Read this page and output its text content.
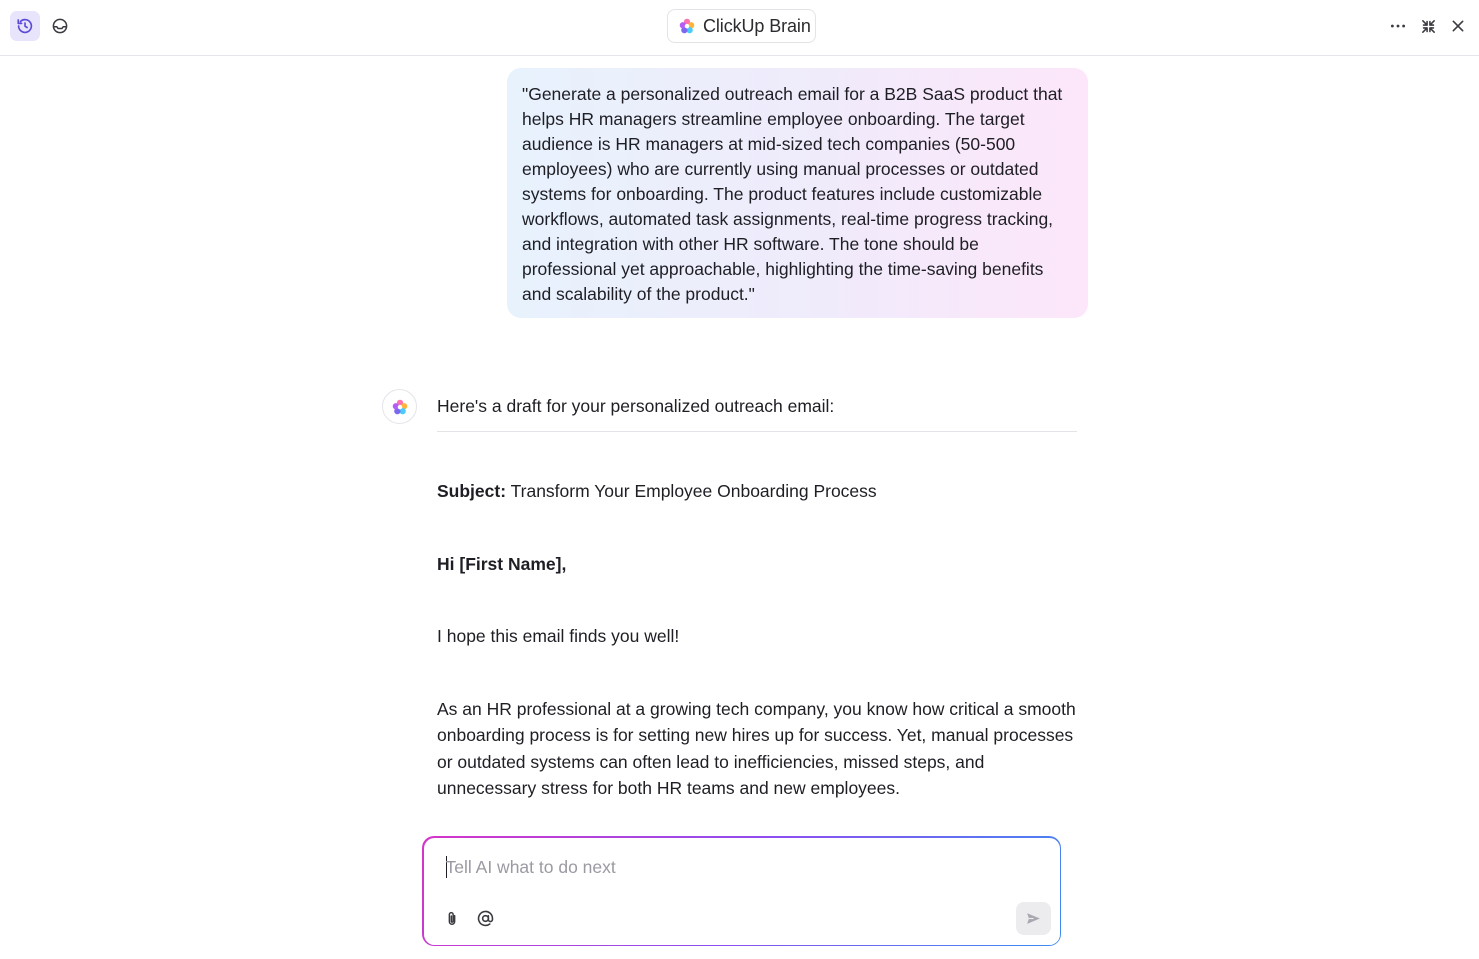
ClickUp Brain
"Generate a personalized outreach email for a B2B SaaS product that helps HR managers streamline employee onboarding. The target audience is HR managers at mid-sized tech companies (50-500 employees) who are currently using manual processes or outdated systems for onboarding. The product features include customizable workflows, automated task assignments, real-time progress tracking, and integration with other HR software. The tone should be professional yet approachable, highlighting the time-saving benefits and scalability of the product."
Here's a draft for your personalized outreach email:
Subject: Transform Your Employee Onboarding Process
Hi [First Name],
I hope this email finds you well!
As an HR professional at a growing tech company, you know how critical a smooth onboarding process is for setting new hires up for success. Yet, manual processes or outdated systems can often lead to inefficiencies, missed steps, and unnecessary stress for both HR teams and new employees.
Tell AI what to do next
